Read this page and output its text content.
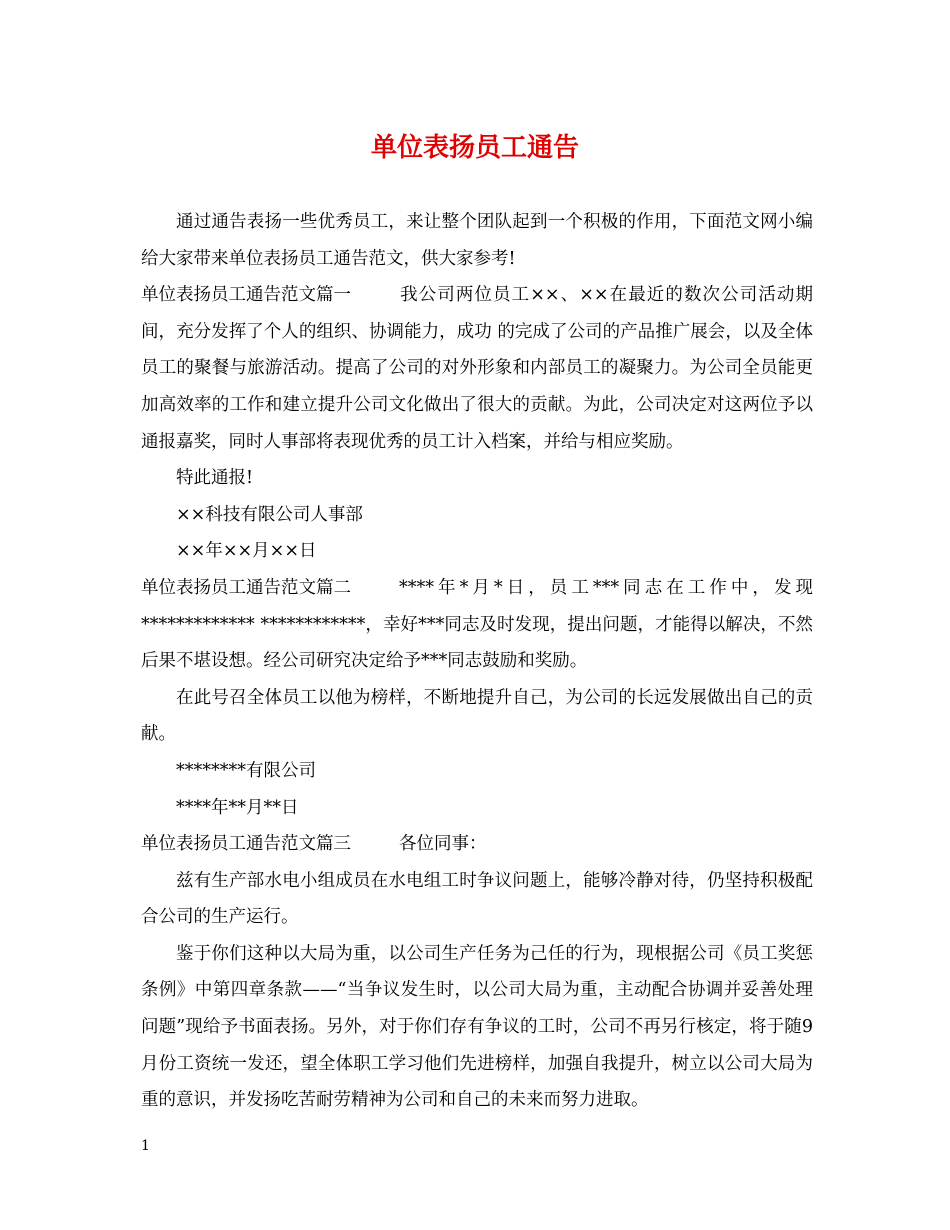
单位表扬员工通告

通过通告表扬一些优秀员工，来让整个团队起到一个积极的作用，下面范文网小编给大家带来单位表扬员工通告范文，供大家参考!

单位表扬员工通告范文篇一	我公司两位员工××、××在最近的数次公司活动期间，充分发挥了个人的组织、协调能力，成功 的完成了公司的产品推广展会，以及全体员工的聚餐与旅游活动。提高了公司的对外形象和内部员工的凝聚力。为公司全员能更加高效率的工作和建立提升公司文化做出了很大的贡献。为此，公司决定对这两位予以通报嘉奖，同时人事部将表现优秀的员工计入档案，并给与相应奖励。

特此通报!

××科技有限公司人事部

××年××月××日

单位表扬员工通告范文篇二	****年*月*日，员工***同志在工作中，发现************* ************，幸好***同志及时发现，提出问题，才能得以解决，不然后果不堪设想。经公司研究决定给予***同志鼓励和奖励。

在此号召全体员工以他为榜样，不断地提升自己，为公司的长远发展做出自己的贡献。

********有限公司

****年**月**日

单位表扬员工通告范文篇三	各位同事：

兹有生产部水电小组成员在水电组工时争议问题上，能够冷静对待，仍坚持积极配合公司的生产运行。

鉴于你们这种以大局为重，以公司生产任务为己任的行为，现根据公司《员工奖惩条例》中第四章条款——“当争议发生时，以公司大局为重，主动配合协调并妥善处理问题”现给予书面表扬。另外，对于你们存有争议的工时，公司不再另行核定，将于随9月份工资统一发还，望全体职工学习他们先进榜样，加强自我提升，树立以公司大局为重的意识，并发扬吃苦耐劳精神为公司和自己的未来而努力进取。

1
